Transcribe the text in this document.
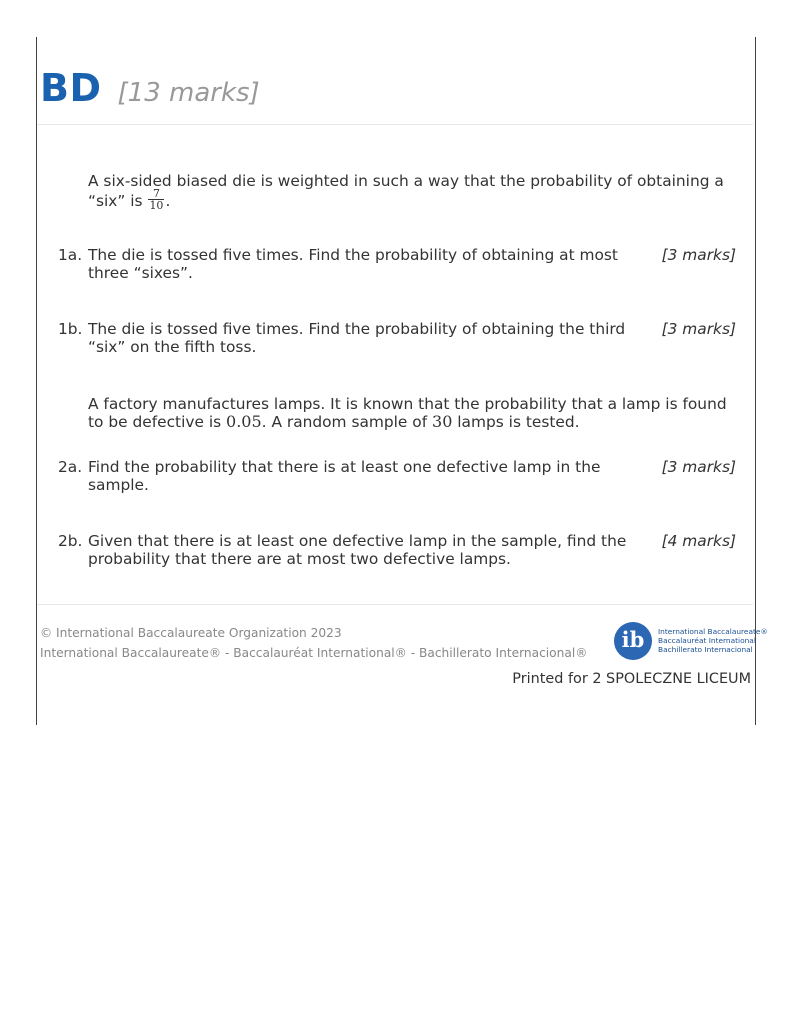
BD [13 marks]
A six-sided biased die is weighted in such a way that the probability of obtaining a “six” is $\frac{7}{10}$ .
1a. The die is tossed five times. Find the probability of obtaining at most three “sixes”.
[3 marks]
1b. The die is tossed five times. Find the probability of obtaining the third “six” on the fifth toss.
[3 marks]
A factory manufactures lamps. It is known that the probability that a lamp is found to be defective is 0.05. A random sample of 30 lamps is tested.
2a. Find the probability that there is at least one defective lamp in the sample.
[3 marks]
2b. Given that there is at least one defective lamp in the sample, find the probability that there are at most two defective lamps.
[4 marks]
© International Baccalaureate Organization 2023
International Baccalaureate® - Baccalauréat International® - Bachillerato Internacional®
ib	International Baccalaureate®
Baccalauréat International
Bachillerato Internacional
Printed for 2 SPOLECZNE LICEUM
